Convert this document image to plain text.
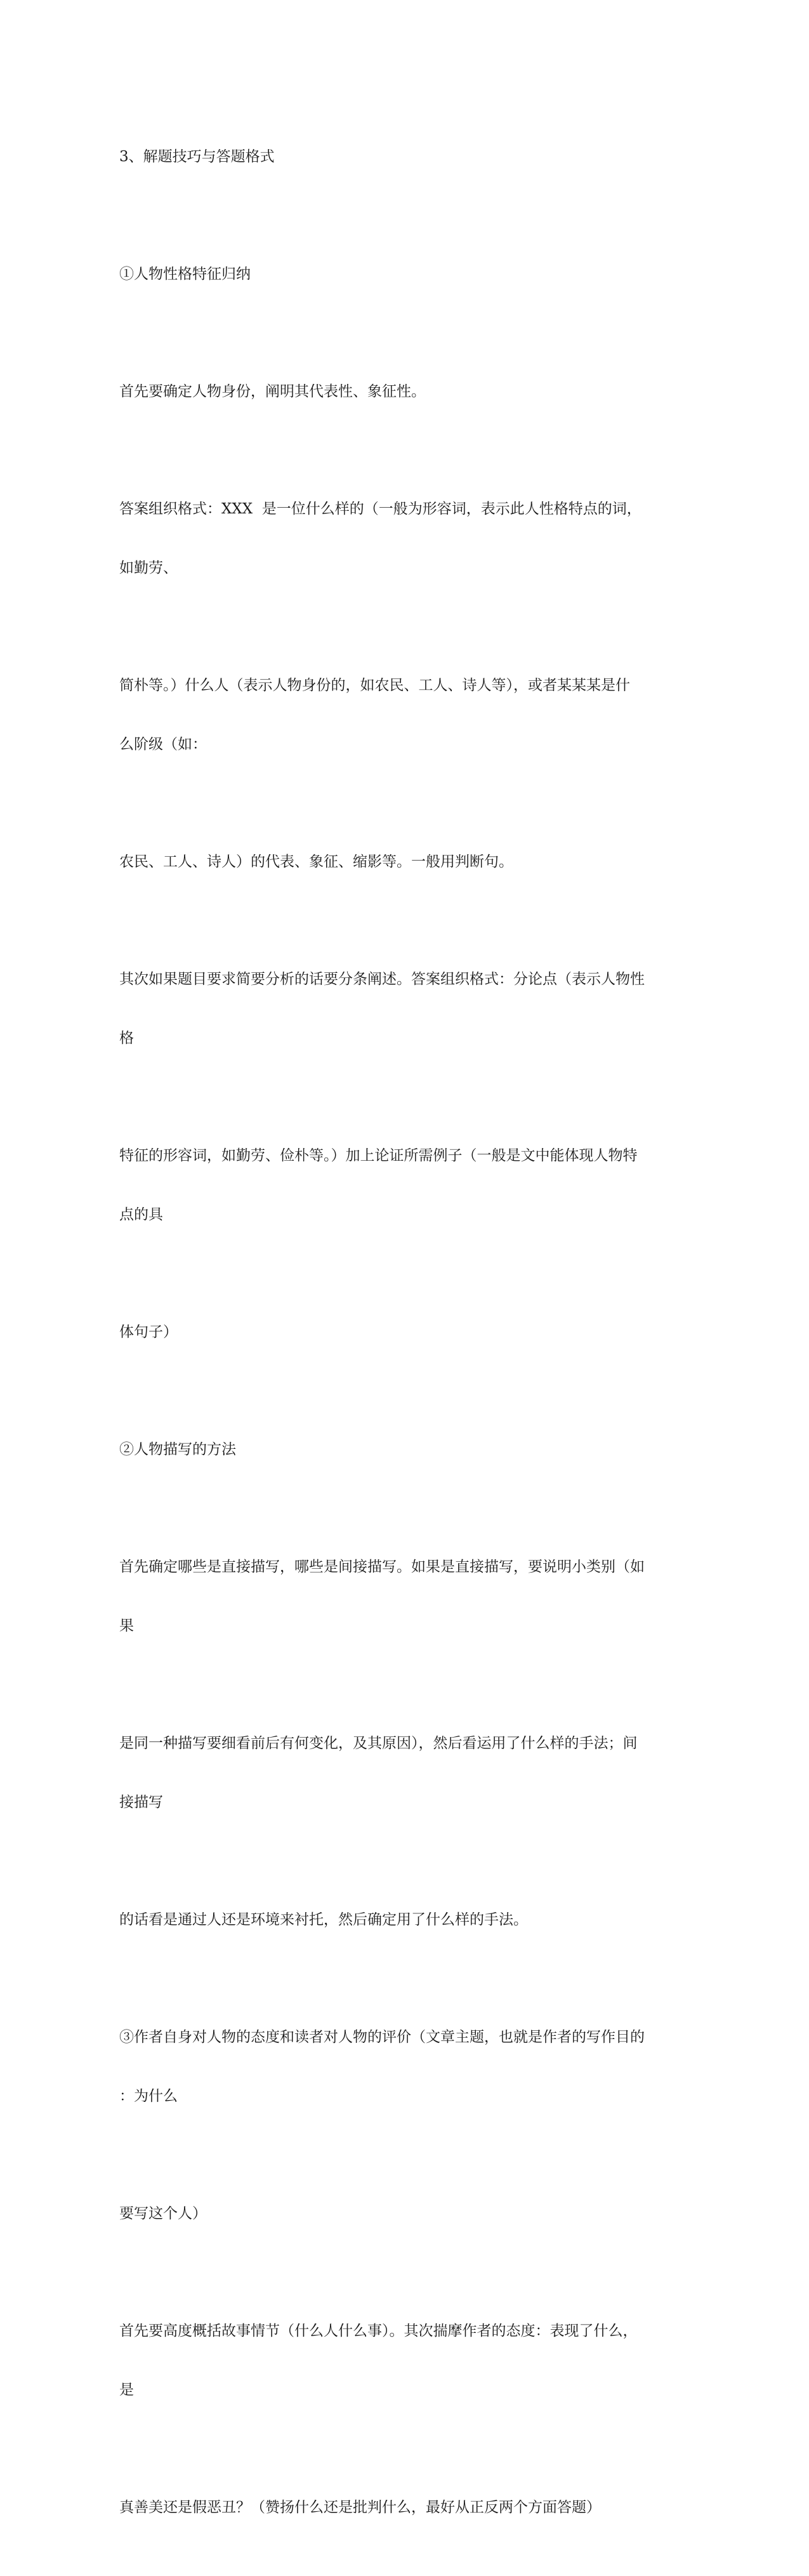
3、解题技巧与答题格式

①人物性格特征归纳

首先要确定人物身份，阐明其代表性、象征性。

答案组织格式：XXX  是一位什么样的（一般为形容词，表示此人性格特点的词，

如勤劳、

简朴等。）什么人（表示人物身份的，如农民、工人、诗人等），或者某某某是什

么阶级（如：

农民、工人、诗人）的代表、象征、缩影等。一般用判断句。

其次如果题目要求简要分析的话要分条阐述。答案组织格式：分论点（表示人物性

格

特征的形容词，如勤劳、俭朴等。）加上论证所需例子（一般是文中能体现人物特

点的具

体句子）

②人物描写的方法

首先确定哪些是直接描写，哪些是间接描写。如果是直接描写，要说明小类别（如

果

是同一种描写要细看前后有何变化，及其原因），然后看运用了什么样的手法；间

接描写

的话看是通过人还是环境来衬托，然后确定用了什么样的手法。

③作者自身对人物的态度和读者对人物的评价（文章主题，也就是作者的写作目的

：为什么

要写这个人）

首先要高度概括故事情节（什么人什么事）。其次揣摩作者的态度：表现了什么，

是

真善美还是假恶丑？（赞扬什么还是批判什么，最好从正反两个方面答题）
